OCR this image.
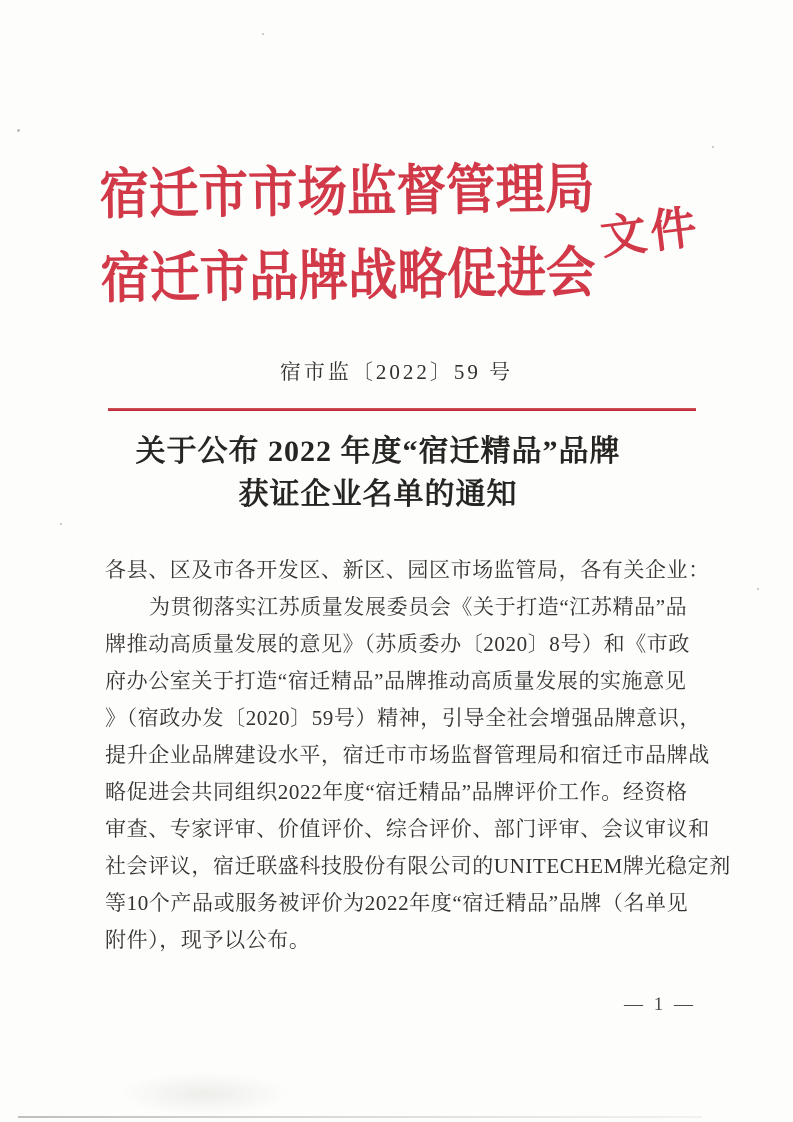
宿迁市市场监督管理局
宿迁市品牌战略促进会
文件
宿市监〔2022〕59 号
关于公布 2022 年度“宿迁精品”品牌
获证企业名单的通知
各县、区及市各开发区、新区、园区市场监管局，各有关企业：
为贯彻落实江苏质量发展委员会《关于打造“江苏精品”品
牌推动高质量发展的意见》（苏质委办〔2020〕8号）和《市政
府办公室关于打造“宿迁精品”品牌推动高质量发展的实施意见
》（宿政办发〔2020〕59号）精神，引导全社会增强品牌意识，
提升企业品牌建设水平，宿迁市市场监督管理局和宿迁市品牌战
略促进会共同组织2022年度“宿迁精品”品牌评价工作。经资格
审查、专家评审、价值评价、综合评价、部门评审、会议审议和
社会评议，宿迁联盛科技股份有限公司的UNITECHEM牌光稳定剂
等10个产品或服务被评价为2022年度“宿迁精品”品牌（名单见
附件），现予以公布。
— 1 —
